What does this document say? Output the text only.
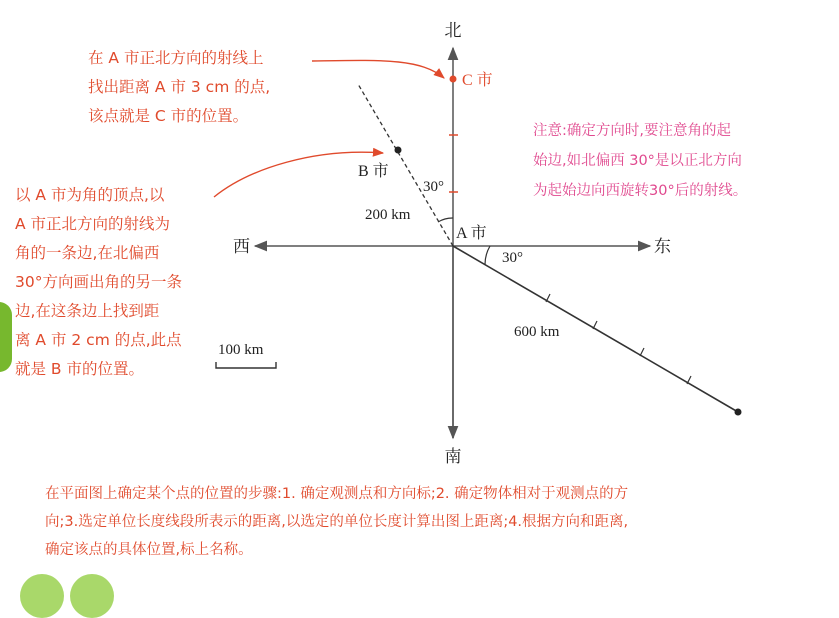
北
南
西	东
A 市
B 市
C 市
30°
30°
200 km
600 km
100 km
在 A 市正北方向的射线上
找出距离 A 市 3 cm 的点,
该点就是 C 市的位置。
以 A 市为角的顶点,以
A 市正北方向的射线为
角的一条边,在北偏西
30°方向画出角的另一条
边,在这条边上找到距
离 A 市 2 cm 的点,此点
就是 B 市的位置。
注意:确定方向时,要注意角的起
始边,如北偏西 30°是以正北方向
为起始边向西旋转30°后的射线。
在平面图上确定某个点的位置的步骤:1. 确定观测点和方向标;2. 确定物体相对于观测点的方
向;3.选定单位长度线段所表示的距离,以选定的单位长度计算出图上距离;4.根据方向和距离,
确定该点的具体位置,标上名称。
